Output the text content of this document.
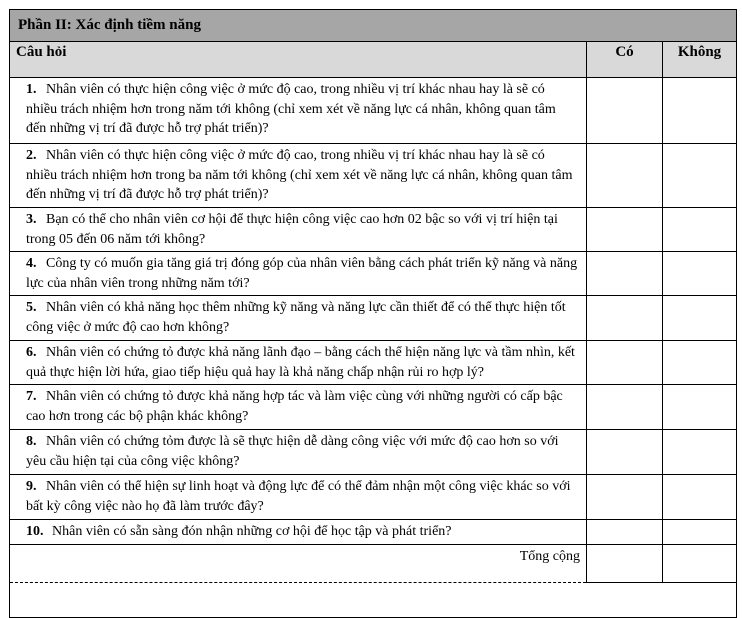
Phần II: Xác định tiềm năng		
Câu hỏi	Có	Không
1. Nhân viên có thực hiện công việc ở mức độ cao, trong nhiều vị trí khác nhau hay là sẽ có nhiều trách nhiệm hơn trong năm tới không (chỉ xem xét về năng lực cá nhân, không quan tâm đến những vị trí đã được hỗ trợ phát triển)?		
2. Nhân viên có thực hiện công việc ở mức độ cao, trong nhiều vị trí khác nhau hay là sẽ có nhiều trách nhiệm hơn trong ba năm tới không (chỉ xem xét về năng lực cá nhân, không quan tâm đến những vị trí đã được hỗ trợ phát triển)?		
3. Bạn có thể cho nhân viên cơ hội để thực hiện công việc cao hơn 02 bậc so với vị trí hiện tại trong 05 đến 06 năm tới không?		
4. Công ty có muốn gia tăng giá trị đóng góp của nhân viên bằng cách phát triển kỹ năng và năng lực của nhân viên trong những năm tới?		
5. Nhân viên có khả năng học thêm những kỹ năng và năng lực cần thiết để có thể thực hiện tốt công việc ở mức độ cao hơn không?		
6. Nhân viên có chứng tỏ được khả năng lãnh đạo – bằng cách thể hiện năng lực và tầm nhìn, kết quả thực hiện lời hứa, giao tiếp hiệu quả hay là khả năng chấp nhận rủi ro hợp lý?		
7. Nhân viên có chứng tỏ được khả năng hợp tác và làm việc cùng với những người có cấp bậc cao hơn trong các bộ phận khác không?		
8. Nhân viên có chứng tỏm được là sẽ thực hiện dễ dàng công việc với mức độ cao hơn so với yêu cầu hiện tại của công việc không?		
9. Nhân viên có thể hiện sự linh hoạt và động lực để có thể đảm nhận một công việc khác so với bất kỳ công việc nào họ đã làm trước đây?		
10. Nhân viên có sẵn sàng đón nhận những cơ hội để học tập và phát triển?		
Tổng cộng		
